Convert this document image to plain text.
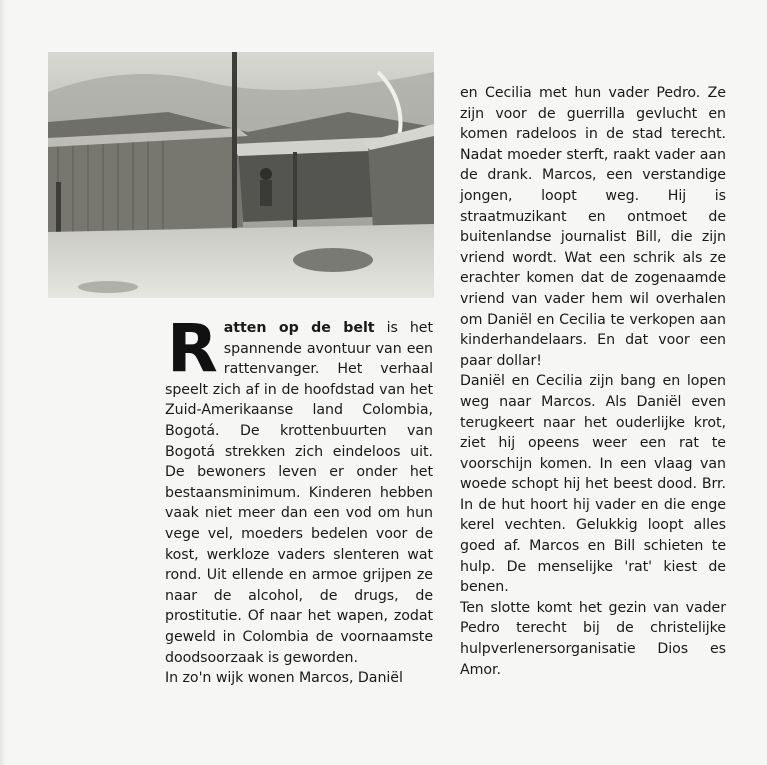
Ratten op de belt is het spannende avontuur van een rattenvanger. Het verhaal speelt zich af in de hoofdstad van het Zuid-Amerikaanse land Colombia, Bogotá. De krottenbuurten van Bogotá strekken zich eindeloos uit. De bewoners leven er onder het bestaansminimum. Kinderen hebben vaak niet meer dan een vod om hun vege vel, moeders bedelen voor de kost, werkloze vaders slenteren wat rond. Uit ellende en armoe grijpen ze naar de alcohol, de drugs, de prostitutie. Of naar het wapen, zodat geweld in Colombia de voornaamste doodsoorzaak is geworden.

In zo'n wijk wonen Marcos, Daniël

en Cecilia met hun vader Pedro. Ze zijn voor de guerrilla gevlucht en komen radeloos in de stad terecht. Nadat moeder sterft, raakt vader aan de drank. Marcos, een verstandige jongen, loopt weg. Hij is straatmuzikant en ontmoet de buitenlandse journalist Bill, die zijn vriend wordt. Wat een schrik als ze erachter komen dat de zogenaamde vriend van vader hem wil overhalen om Daniël en Cecilia te verkopen aan kinderhandelaars. En dat voor een paar dollar!

Daniël en Cecilia zijn bang en lopen weg naar Marcos. Als Daniël even terugkeert naar het ouderlijke krot, ziet hij opeens weer een rat te voorschijn komen. In een vlaag van woede schopt hij het beest dood. Brr. In de hut hoort hij vader en die enge kerel vechten. Gelukkig loopt alles goed af. Marcos en Bill schieten te hulp. De menselijke 'rat' kiest de benen.

Ten slotte komt het gezin van vader Pedro terecht bij de christelijke hulpverlenersorganisatie Dios es Amor.
